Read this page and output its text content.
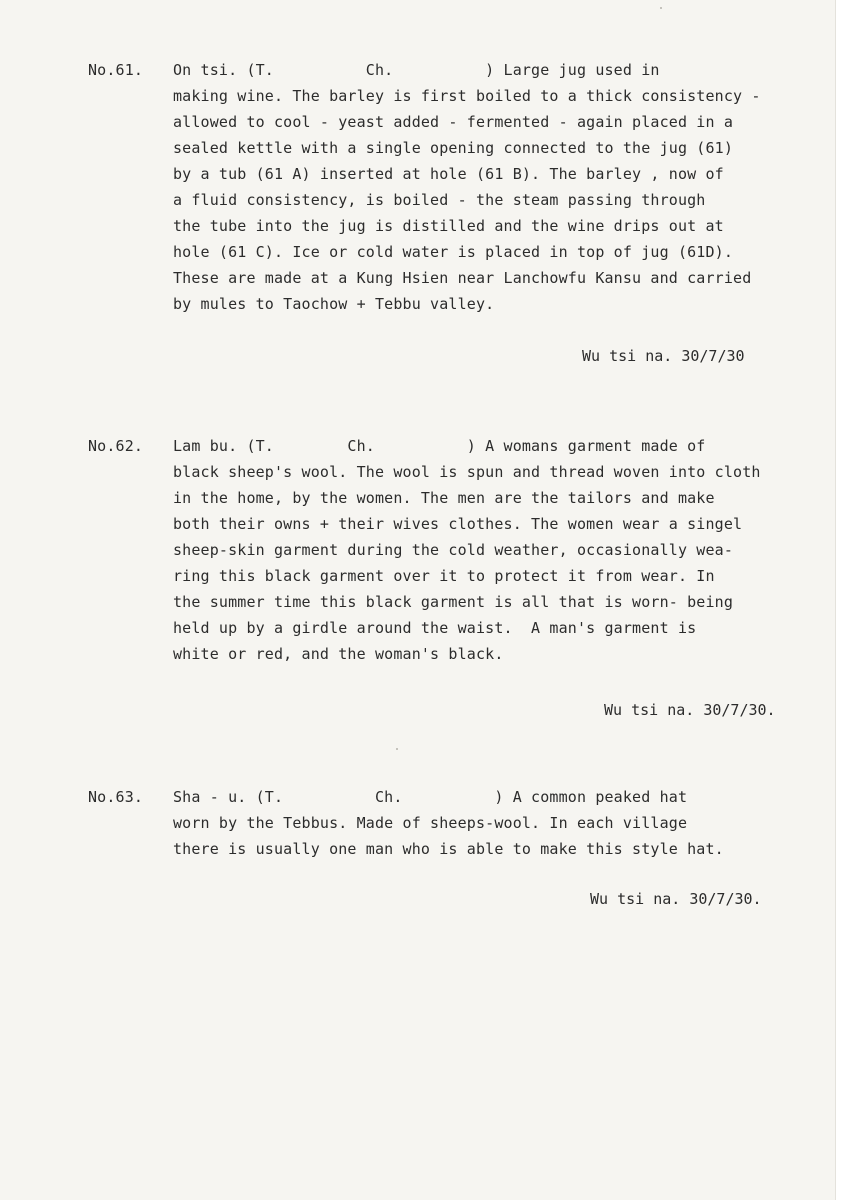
No.61. On tsi. (T.          Ch.          ) Large jug used in
making wine. The barley is first boiled to a thick consistency -
allowed to cool - yeast added - fermented - again placed in a
sealed kettle with a single opening connected to the jug (61)
by a tub (61 A) inserted at hole (61 B). The barley , now of
a fluid consistency, is boiled - the steam passing through
the tube into the jug is distilled and the wine drips out at
hole (61 C). Ice or cold water is placed in top of jug (61D).
These are made at a Kung Hsien near Lanchowfu Kansu and carried
by mules to Taochow + Tebbu valley.
Wu tsi na. 30/7/30
No.62. Lam bu. (T.        Ch.          ) A womans garment made of
black sheep's wool. The wool is spun and thread woven into cloth
in the home, by the women. The men are the tailors and make
both their owns + their wives clothes. The women wear a singel
sheep-skin garment during the cold weather, occasionally wea-
ring this black garment over it to protect it from wear. In
the summer time this black garment is all that is worn- being
held up by a girdle around the waist.  A man's garment is
white or red, and the woman's black.
Wu tsi na. 30/7/30.
No.63. Sha - u. (T.          Ch.          ) A common peaked hat
worn by the Tebbus. Made of sheeps-wool. In each village
there is usually one man who is able to make this style hat.
Wu tsi na. 30/7/30.
